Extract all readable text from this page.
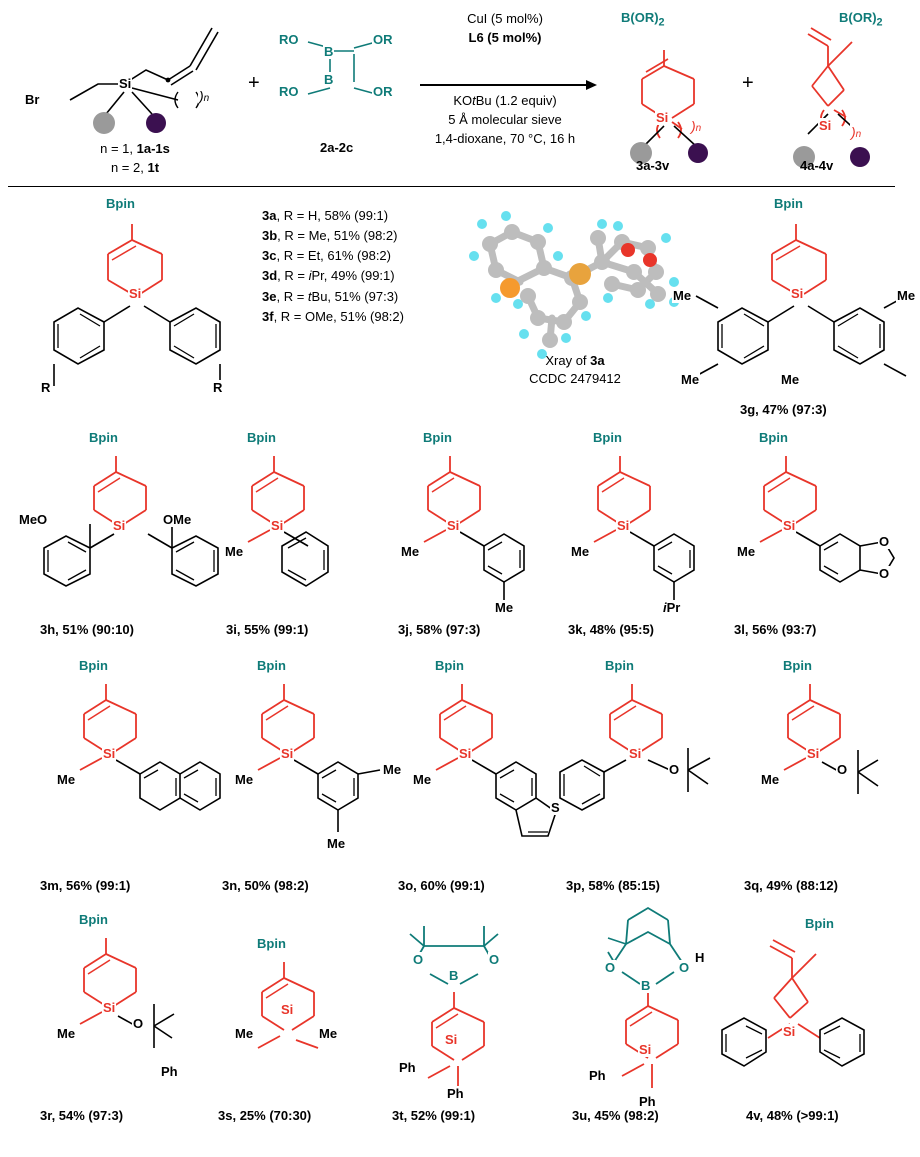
Br
Si
)n
n = 1, 1a-1s
n = 2, 1t
+
RO	OR
RO	OR
B
B
2a-2c
CuI (5 mol%)
L6 (5 mol%)
KOtBu (1.2 equiv)
5 Å molecular sieve
1,4-dioxane, 70 °C, 16 h
$B(OR)_2$
Si
)n
3a-3v
+
$B(OR)_2$
Si )n
4a-4v
Bpin
Si
R	R
3a, R = H, 58% (99:1)
3b, R = Me, 51% (98:2)
3c, R = Et, 61% (98:2)
3d, R = iPr, 49% (99:1)
3e, R = tBu, 51% (97:3)
3f, R = OMe, 51% (98:2)
Xray of 3a
CCDC 2479412
Bpin
Si
Me
Me
Me
Me
3g, 47% (97:3)
Bpin
Si
MeO	OMe
3h, 51% (90:10)
Bpin
Si
Me
3i, 55% (99:1)
Bpin
Si
Me
Me
3j, 58% (97:3)
Bpin
Si
Me
iPr
3k, 48% (95:5)
Bpin
Si
Me
O
O
3l, 56% (93:7)
Bpin
Si
Me
3m, 56% (99:1)
Bpin
Si
Me
Me
Me
3n, 50% (98:2)
Bpin
Si
Me
S
3o, 60% (99:1)
Bpin
Si
O
3p, 58% (85:15)
Bpin
Si
Me
O
3q, 49% (88:12)
Bpin
Si
Me
O
Ph
3r, 54% (97:3)
Bpin
Si
Me	Me
3s, 25% (70:30)
O	O
B
Si
Ph
Ph
3t, 52% (99:1)
O	O
B
H
Si
Ph
Ph
3u, 45% (98:2)
Bpin
Si
4v, 48% (>99:1)
